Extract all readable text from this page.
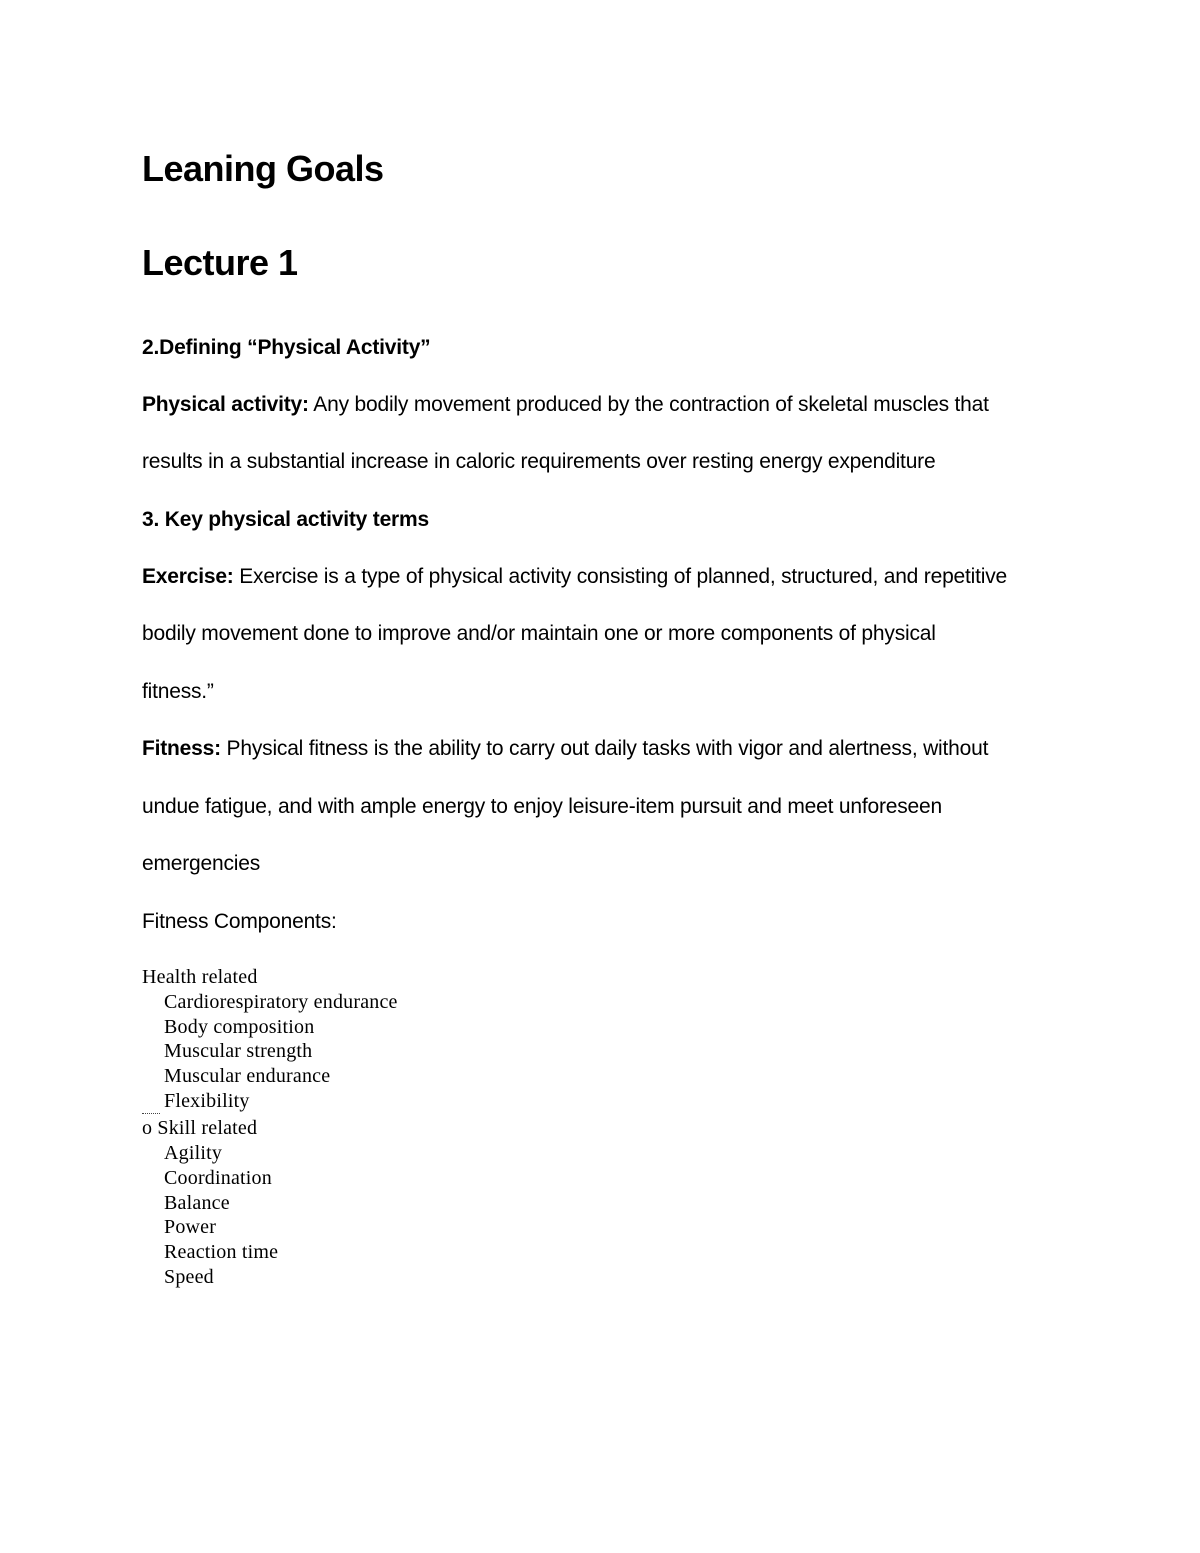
Leaning Goals
Lecture 1
2.Defining “Physical Activity”
Physical activity: Any bodily movement produced by the contraction of skeletal muscles that
results in a substantial increase in caloric requirements over resting energy expenditure
3. Key physical activity terms
Exercise: Exercise is a type of physical activity consisting of planned, structured, and repetitive
bodily movement done to improve and/or maintain one or more components of physical
fitness.”
Fitness: Physical fitness is the ability to carry out daily tasks with vigor and alertness, without
undue fatigue, and with ample energy to enjoy leisure-item pursuit and meet unforeseen
emergencies
Fitness Components:
Health related
Cardiorespiratory endurance
Body composition
Muscular strength
Muscular endurance
Flexibility
o Skill related
Agility
Coordination
Balance
Power
Reaction time
Speed
